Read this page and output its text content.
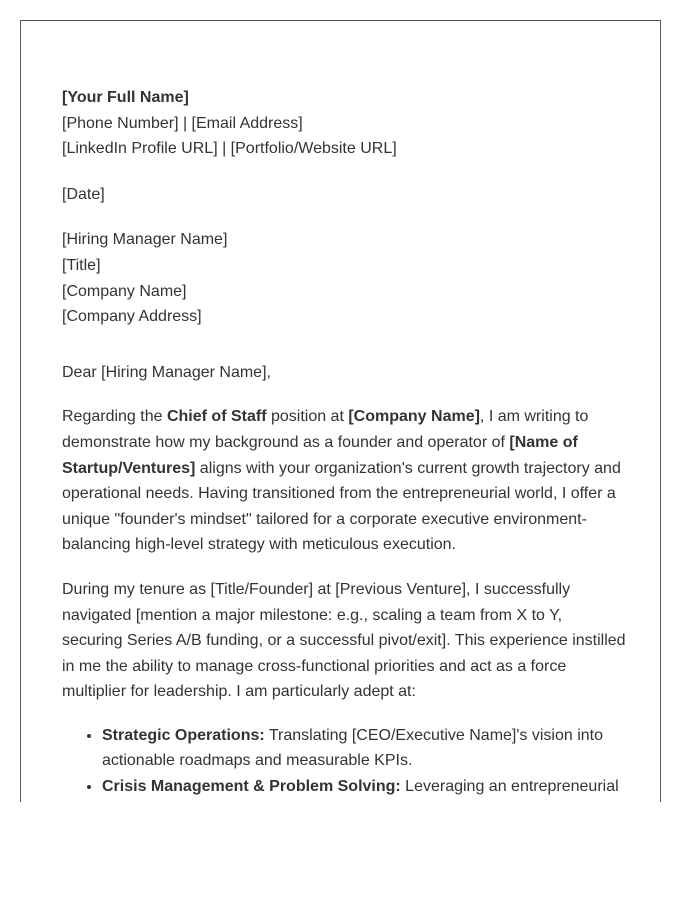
[Your Full Name]
[Phone Number] | [Email Address]
[LinkedIn Profile URL] | [Portfolio/Website URL]
[Date]
[Hiring Manager Name]
[Title]
[Company Name]
[Company Address]
Dear [Hiring Manager Name],

Regarding the Chief of Staff position at [Company Name], I am writing to demonstrate how my background as a founder and operator of [Name of Startup/Ventures] aligns with your organization's current growth trajectory and operational needs. Having transitioned from the entrepreneurial world, I offer a unique "founder's mindset" tailored for a corporate executive environment-balancing high-level strategy with meticulous execution.

During my tenure as [Title/Founder] at [Previous Venture], I successfully navigated [mention a major milestone: e.g., scaling a team from X to Y, securing Series A/B funding, or a successful pivot/exit]. This experience instilled in me the ability to manage cross-functional priorities and act as a force multiplier for leadership. I am particularly adept at:

• Strategic Operations: Translating [CEO/Executive Name]'s vision into actionable roadmaps and measurable KPIs.
• Crisis Management & Problem Solving: Leveraging an entrepreneurial
